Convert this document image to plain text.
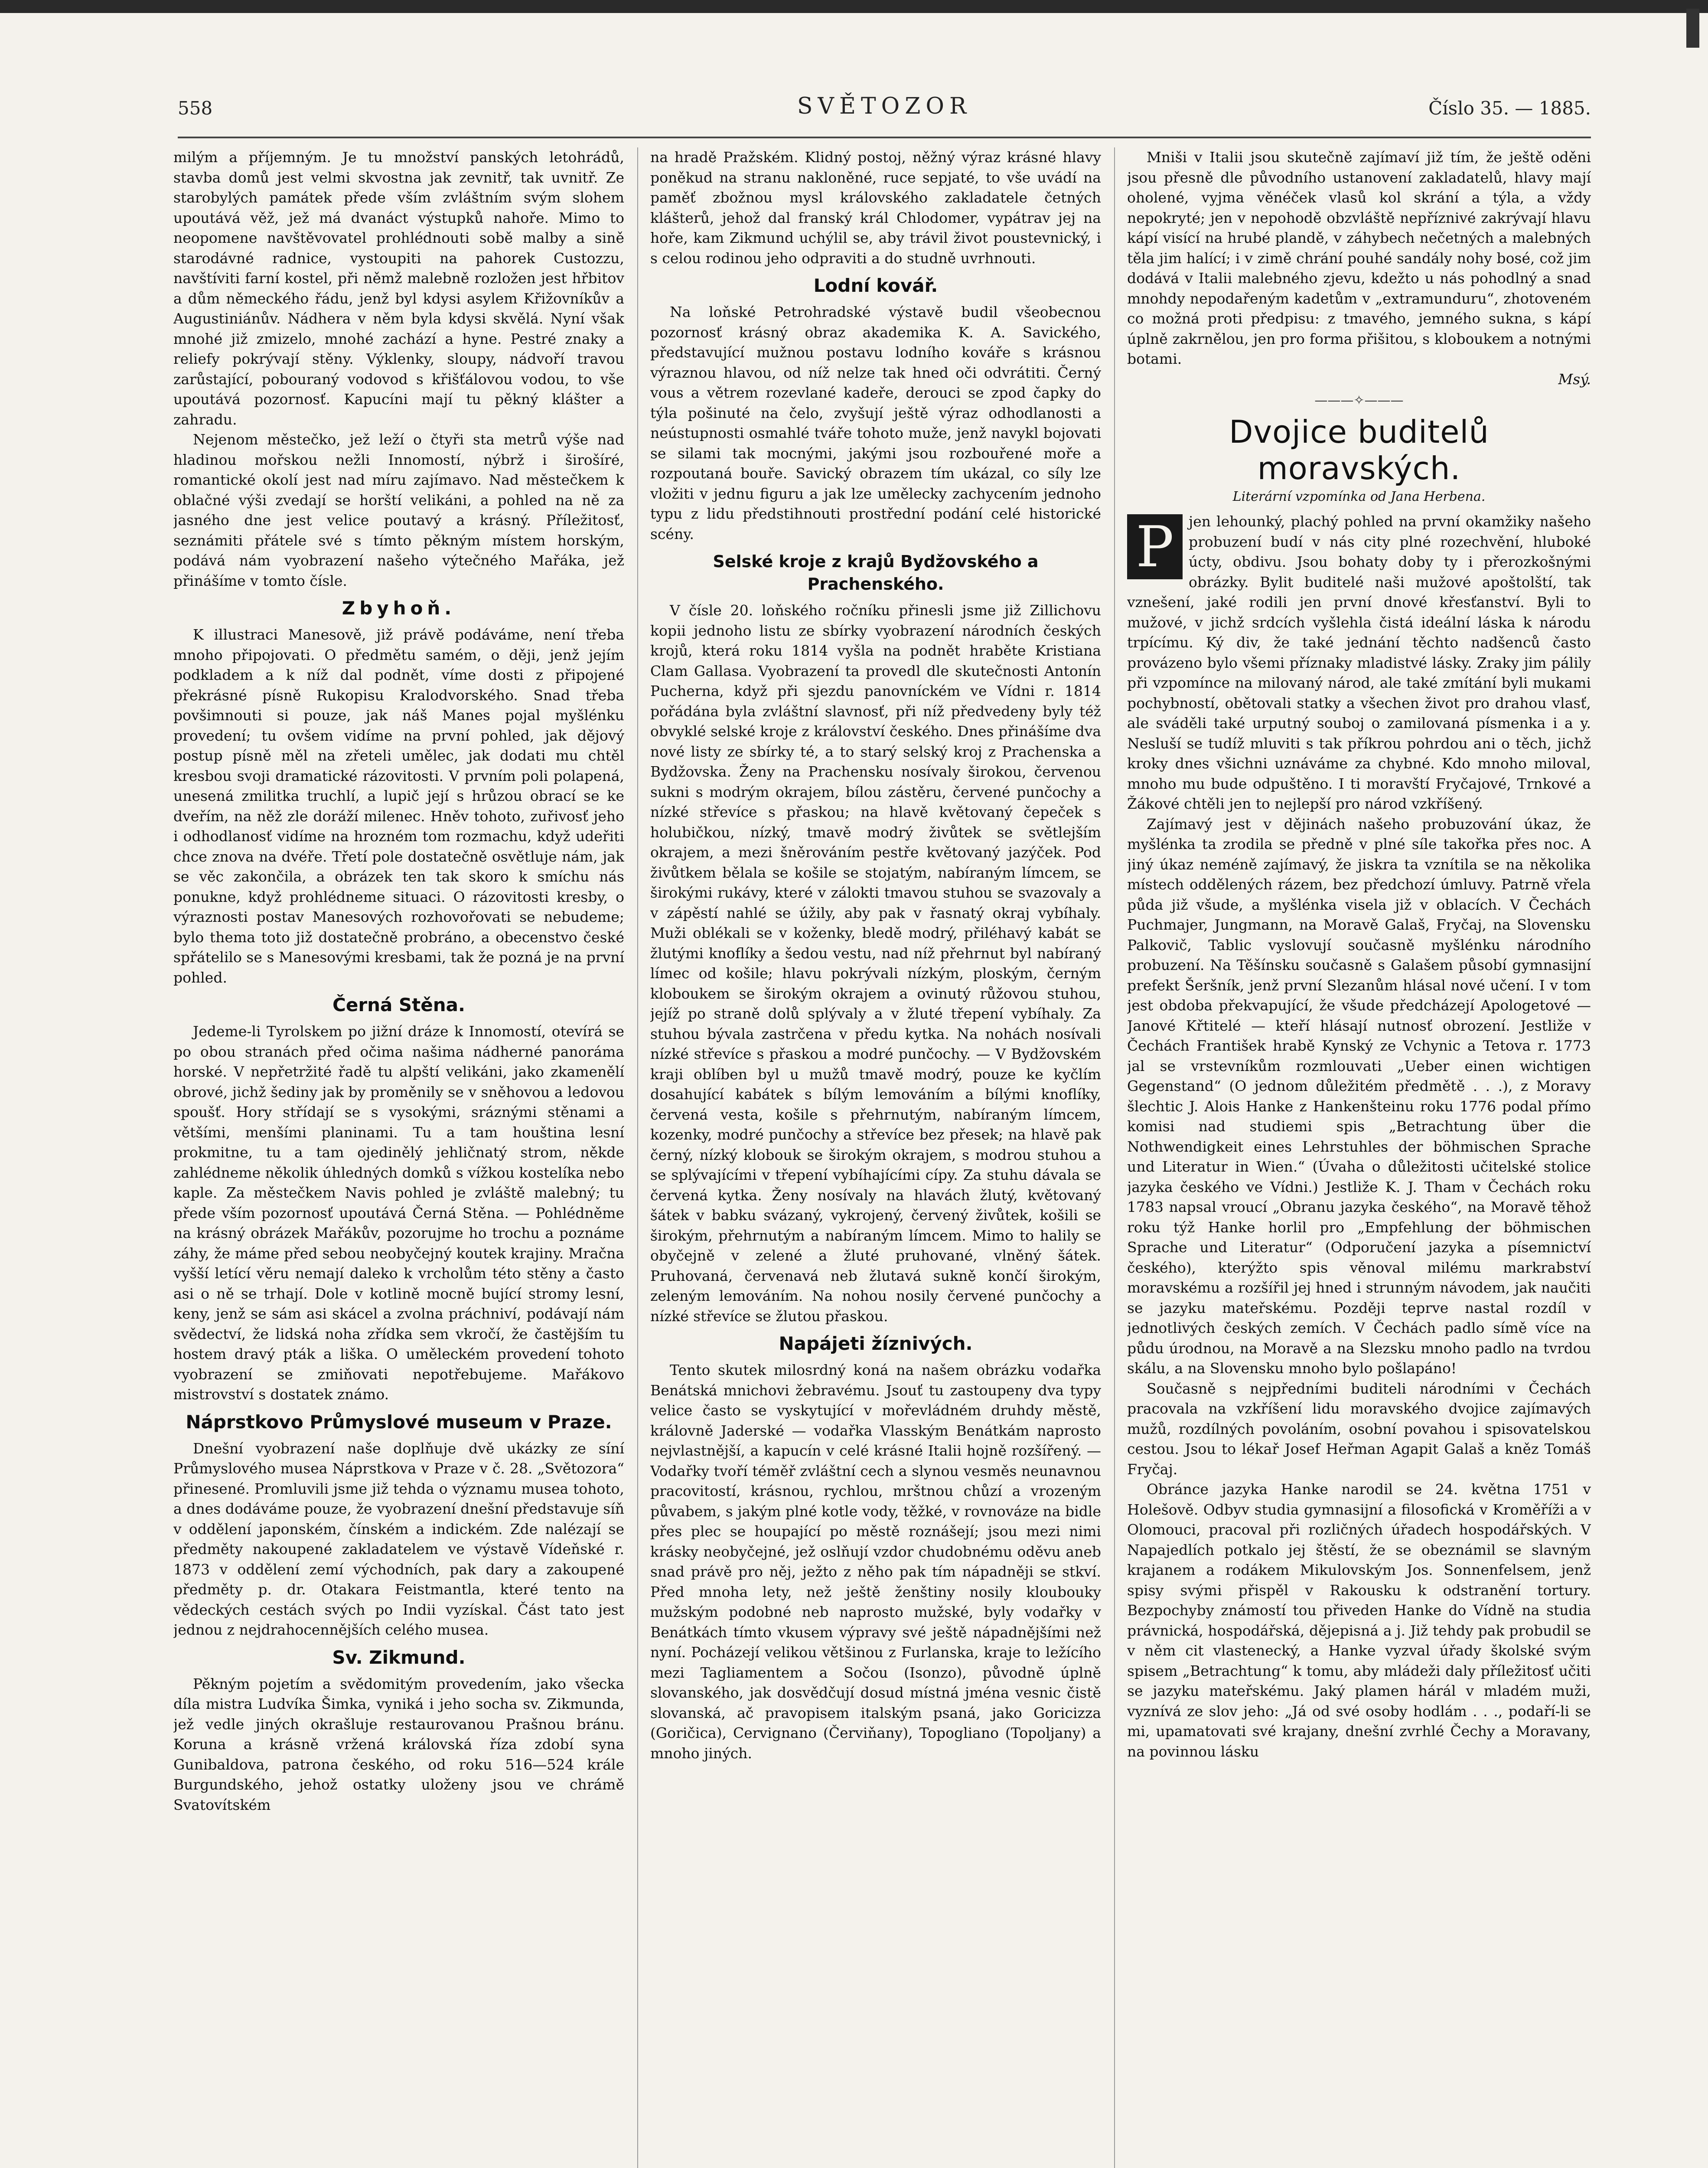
558	SVĚTOZOR	Číslo 35. — 1885.

milým a příjemným. Je tu množství panských letohrádů, stavba domů jest velmi skvostna jak zevnitř, tak uvnitř. Ze starobylých památek přede vším zvláštním svým slohem upoutává věž, jež má dvanáct výstupků nahoře. Mimo to neopomene navštěvovatel prohlédnouti sobě malby a sině starodávné radnice, vystoupiti na pahorek Custozzu, navštíviti farní kostel, při němž malebně rozložen jest hřbitov a dům německého řádu, jenž byl kdysi asylem Křižovníkův a Augustiniánův. Nádhera v něm byla kdysi skvělá. Nyní však mnohé již zmizelo, mnohé zachází a hyne. Pestré znaky a reliefy pokrývají stěny. Výklenky, sloupy, nádvoří travou zarůstající, pobouraný vodovod s křišťálovou vodou, to vše upoutává pozornosť. Kapucíni mají tu pěkný klášter a zahradu.

Nejenom městečko, jež leží o čtyři sta metrů výše nad hladinou mořskou nežli Innomostí, nýbrž i širošíré, romantické okolí jest nad míru zajímavo. Nad městečkem k oblačné výši zvedají se horští velikáni, a pohled na ně za jasného dne jest velice poutavý a krásný. Příležitosť, seznámiti přátele své s tímto pěkným místem horským, podává nám vyobrazení našeho výtečného Mařáka, jež přinášíme v tomto čísle.

Zbyhoň.

K illustraci Manesově, již právě podáváme, není třeba mnoho připojovati. O předmětu samém, o ději, jenž jejím podkladem a k níž dal podnět, víme dosti z připojené překrásné písně Rukopisu Kralodvorského. Snad třeba povšimnouti si pouze, jak náš Manes pojal myšlénku provedení; tu ovšem vidíme na první pohled, jak dějový postup písně měl na zřeteli umělec, jak dodati mu chtěl kresbou svoji dramatické rázovitosti. V prvním poli polapená, unesená zmilitka truchlí, a lupič její s hrůzou obrací se ke dveřím, na něž zle doráží milenec. Hněv tohoto, zuřivosť jeho i odhodlanosť vidíme na hrozném tom rozmachu, když udeřiti chce znova na dvéře. Třetí pole dostatečně osvětluje nám, jak se věc zakončila, a obrázek ten tak skoro k smíchu nás ponukne, když prohlédneme situaci. O rázovitosti kresby, o výraznosti postav Manesových rozhovořovati se nebudeme; bylo thema toto již dostatečně probráno, a obecenstvo české spřátelilo se s Manesovými kresbami, tak že pozná je na první pohled.

Černá Stěna.

Jedeme-li Tyrolskem po jižní dráze k Innomostí, otevírá se po obou stranách před očima našima nádherné panoráma horské. V nepřetržité řadě tu alpští velikáni, jako zkamenělí obrové, jichž šediny jak by proměnily se v sněhovou a ledovou spoušť. Hory střídají se s vysokými, sráznými stěnami a většími, menšími planinami. Tu a tam houština lesní prokmitne, tu a tam ojedinělý jehličnatý strom, někde zahlédneme několik úhledných domků s vížkou kostelíka nebo kaple. Za městečkem Navis pohled je zvláště malebný; tu přede vším pozornosť upoutává Černá Stěna. — Pohlédněme na krásný obrázek Mařákův, pozorujme ho trochu a poznáme záhy, že máme před sebou neobyčejný koutek krajiny. Mračna vyšší letící věru nemají daleko k vrcholům této stěny a často asi o ně se trhají. Dole v kotlině mocně bující stromy lesní, keny, jenž se sám asi skácel a zvolna práchniví, podávají nám svědectví, že lidská noha zřídka sem vkročí, že častějším tu hostem dravý pták a liška. O uměleckém provedení tohoto vyobrazení se zmiňovati nepotřebujeme. Mařákovo mistrovství s dostatek známo.

Náprstkovo Průmyslové museum v Praze.

Dnešní vyobrazení naše doplňuje dvě ukázky ze síní Průmyslového musea Náprstkova v Praze v č. 28. „Světozora“ přinesené. Promluvili jsme již tehda o významu musea tohoto, a dnes dodáváme pouze, že vyobrazení dnešní představuje síň v oddělení japonském, čínském a indickém. Zde nalézají se předměty nakoupené zakladatelem ve výstavě Vídeňské r. 1873 v oddělení zemí východních, pak dary a zakoupené předměty p. dr. Otakara Feistmantla, které tento na vědeckých cestách svých po Indii vyzískal. Část tato jest jednou z nejdrahocennějších celého musea.

Sv. Zikmund.

Pěkným pojetím a svědomitým provedením, jako všecka díla mistra Ludvíka Šimka, vyniká i jeho socha sv. Zikmunda, jež vedle jiných okrašluje restaurovanou Prašnou bránu. Koruna a krásně vržená královská říza zdobí syna Gunibaldova, patrona českého, od roku 516—524 krále Burgundského, jehož ostatky uloženy jsou ve chrámě Svatovítském

na hradě Pražském. Klidný postoj, něžný výraz krásné hlavy poněkud na stranu nakloněné, ruce sepjaté, to vše uvádí na paměť zbožnou mysl královského zakladatele četných klášterů, jehož dal franský král Chlodomer, vypátrav jej na hoře, kam Zikmund uchýlil se, aby trávil život poustevnický, i s celou rodinou jeho odpraviti a do studně uvrhnouti.

Lodní kovář.

Na loňské Petrohradské výstavě budil všeobecnou pozornosť krásný obraz akademika K. A. Savického, představující mužnou postavu lodního kováře s krásnou výraznou hlavou, od níž nelze tak hned oči odvrátiti. Černý vous a větrem rozevlané kadeře, derouci se zpod čapky do týla pošinuté na čelo, zvyšují ještě výraz odhodlanosti a neústupnosti osmahlé tváře tohoto muže, jenž navykl bojovati se silami tak mocnými, jakými jsou rozbouřené moře a rozpoutaná bouře. Savický obrazem tím ukázal, co síly lze vložiti v jednu figuru a jak lze umělecky zachycením jednoho typu z lidu předstihnouti prostřední podání celé historické scény.

Selské kroje z krajů Bydžovského a Prachenského.

V čísle 20. loňského ročníku přinesli jsme již Zillichovu kopii jednoho listu ze sbírky vyobrazení národních českých krojů, která roku 1814 vyšla na podnět hraběte Kristiana Clam Gallasa. Vyobrazení ta provedl dle skutečnosti Antonín Pucherna, když při sjezdu panovníckém ve Vídni r. 1814 pořádána byla zvláštní slavnosť, při níž předvedeny byly též obvyklé selské kroje z království českého. Dnes přinášíme dva nové listy ze sbírky té, a to starý selský kroj z Prachenska a Bydžovska. Ženy na Prachensku nosívaly širokou, červenou sukni s modrým okrajem, bílou zástěru, červené punčochy a nízké střevíce s přaskou; na hlavě květovaný čepeček s holubičkou, nízký, tmavě modrý živůtek se světlejším okrajem, a mezi šněrováním pestře květovaný jazýček. Pod živůtkem bělala se košile se stojatým, nabíraným límcem, se širokými rukávy, které v zálokti tmavou stuhou se svazovaly a v zápěstí nahlé se úžily, aby pak v řasnatý okraj vybíhaly. Muži oblékali se v koženky, bledě modrý, přiléhavý kabát se žlutými knoflíky a šedou vestu, nad níž přehrnut byl nabíraný límec od košile; hlavu pokrývali nízkým, ploským, černým kloboukem se širokým okrajem a ovinutý růžovou stuhou, jejíž po straně dolů splývaly a v žluté třepení vybíhaly. Za stuhou bývala zastrčena v předu kytka. Na nohách nosívali nízké střevíce s přaskou a modré punčochy. — V Bydžovském kraji oblíben byl u mužů tmavě modrý, pouze ke kyčlím dosahující kabátek s bílým lemováním a bílými knoflíky, červená vesta, košile s přehrnutým, nabíraným límcem, kozenky, modré punčochy a střevíce bez přesek; na hlavě pak černý, nízký klobouk se širokým okrajem, s modrou stuhou a se splývajícími v třepení vybíhajícími cípy. Za stuhu dávala se červená kytka. Ženy nosívaly na hlavách žlutý, květovaný šátek v babku svázaný, vykrojený, červený živůtek, košili se širokým, přehrnutým a nabíraným límcem. Mimo to halily se obyčejně v zelené a žluté pruhované, vlněný šátek. Pruhovaná, červenavá neb žlutavá sukně končí širokým, zeleným lemováním. Na nohou nosily červené punčochy a nízké střevíce se žlutou přaskou.

Napájeti žíznivých.

Tento skutek milosrdný koná na našem obrázku vodařka Benátská mnichovi žebravému. Jsouť tu zastoupeny dva typy velice často se vyskytující v mořevládném druhdy městě, královně Jaderské — vodařka Vlasským Benátkám naprosto nejvlastnější, a kapucín v celé krásné Italii hojně rozšířený. — Vodařky tvoří téměř zvláštní cech a slynou vesměs neunavnou pracovitostí, krásnou, rychlou, mrštnou chůzí a vrozeným půvabem, s jakým plné kotle vody, těžké, v rovnováze na bidle přes plec se houpající po městě roznášejí; jsou mezi nimi krásky neobyčejné, jež oslňují vzdor chudobnému oděvu aneb snad právě pro něj, ježto z něho pak tím nápadněji se stkví. Před mnoha lety, než ještě ženštiny nosily kloubouky mužským podobné neb naprosto mužské, byly vodařky v Benátkách tímto vkusem výpravy své ještě nápadnějšími než nyní. Pocházejí velikou většinou z Furlanska, kraje to ležícího mezi Tagliamentem a Sočou (Isonzo), původně úplně slovanského, jak dosvědčují dosud místná jména vesnic čistě slovanská, ač pravopisem italským psaná, jako Goricizza (Goričica), Cervignano (Červiňany), Topogliano (Topoljany) a mnoho jiných.

Mniši v Italii jsou skutečně zajímaví již tím, že ještě oděni jsou přesně dle původního ustanovení zakladatelů, hlavy mají oholené, vyjma věnéček vlasů kol skrání a týla, a vždy nepokryté; jen v nepohodě obzvláště nepříznivé zakrývají hlavu kápí visící na hrubé plandě, v záhybech nečetných a malebných těla jim halící; i v zimě chrání pouhé sandály nohy bosé, což jim dodává v Italii malebného zjevu, kdežto u nás pohodlný a snad mnohdy nepodařeným kadetům v „extramunduru“, zhotoveném co možná proti předpisu: z tmavého, jemného sukna, s kápí úplně zakrnělou, jen pro forma přišitou, s kloboukem a notnými botami.

Msý.

———✧———
Dvojice buditelů moravských.
Literární vzpomínka od Jana Herbena.
P	jen lehounký, plachý pohled na první okamžiky našeho probuzení budí v nás city plné rozechvění, hluboké úcty, obdivu. Jsou bohaty doby ty i přerozkošnými obrázky. Bylit buditelé naši mužové apoštolští, tak vznešení, jaké rodili jen první dnové křesťanství. Byli to mužové, v jichž srdcích vyšlehla čistá ideální láska k národu trpícímu. Ký div, že také jednání těchto nadšenců často provázeno bylo všemi příznaky mladistvé lásky. Zraky jim pálily při vzpomínce na milovaný národ, ale také zmítání byli mukami pochybností, obětovali statky a všechen život pro drahou vlasť, ale sváděli také urputný souboj o zamilovaná písmenka i a y. Nesluší se tudíž mluviti s tak příkrou pohrdou ani o těch, jichž kroky dnes všichni uznáváme za chybné. Kdo mnoho miloval, mnoho mu bude odpuštěno. I ti moravští Fryčajové, Trnkové a Žákové chtěli jen to nejlepší pro národ vzkříšený.

Zajímavý jest v dějinách našeho probuzování úkaz, že myšlénka ta zrodila se předně v plné síle takořka přes noc. A jiný úkaz neméně zajímavý, že jiskra ta vznítila se na několika místech oddělených rázem, bez předchozí úmluvy. Patrně vřela půda již všude, a myšlénka visela již v oblacích. V Čechách Puchmajer, Jungmann, na Moravě Galaš, Fryčaj, na Slovensku Palkovič, Tablic vyslovují současně myšlénku národního probuzení. Na Těšínsku současně s Galašem působí gymnasijní prefekt Šeršník, jenž první Slezanům hlásal nové učení. I v tom jest obdoba překvapující, že všude předcházejí Apologetové — Janové Křtitelé — kteří hlásají nutnosť obrození. Jestliže v Čechách František hrabě Kynský ze Vchynic a Tetova r. 1773 jal se vrstevníkům rozmlouvati „Ueber einen wichtigen Gegenstand“ (O jednom důležitém předmětě . . .), z Moravy šlechtic J. Alois Hanke z Hankenšteinu roku 1776 podal přímo komisi nad studiemi spis „Betrachtung über die Nothwendigkeit eines Lehrstuhles der böhmischen Sprache und Literatur in Wien.“ (Úvaha o důležitosti učitelské stolice jazyka českého ve Vídni.) Jestliže K. J. Tham v Čechách roku 1783 napsal vroucí „Obranu jazyka českého“, na Moravě těhož roku týž Hanke horlil pro „Empfehlung der böhmischen Sprache und Literatur“ (Odporučení jazyka a písemnictví českého), kterýžto spis věnoval milému markrabství moravskému a rozšířil jej hned i strunným návodem, jak naučiti se jazyku mateřskému. Později teprve nastal rozdíl v jednotlivých českých zemích. V Čechách padlo símě více na půdu úrodnou, na Moravě a na Slezsku mnoho padlo na tvrdou skálu, a na Slovensku mnoho bylo pošlapáno!

Současně s nejpředními buditeli národními v Čechách pracovala na vzkříšení lidu moravského dvojice zajímavých mužů, rozdílných povoláním, osobní povahou i spisovatelskou cestou. Jsou to lékař Josef Heřman Agapit Galaš a kněz Tomáš Fryčaj.

Obránce jazyka Hanke narodil se 24. května 1751 v Holešově. Odbyv studia gymnasijní a filosofická v Kroměříži a v Olomouci, pracoval při rozličných úřadech hospodářských. V Napajedlích potkalo jej štěstí, že se obeznámil se slavným krajanem a rodákem Mikulovským Jos. Sonnenfelsem, jenž spisy svými přispěl v Rakousku k odstranění tortury. Bezpochyby známostí tou přiveden Hanke do Vídně na studia právnická, hospodářská, dějepisná a j. Již tehdy pak probudil se v něm cit vlastenecký, a Hanke vyzval úřady školské svým spisem „Betrachtung“ k tomu, aby mládeži daly příležitosť učiti se jazyku mateřskému. Jaký plamen hárál v mladém muži, vyznívá ze slov jeho: „Já od své osoby hodlám . . ., podaří-li se mi, upamatovati své krajany, dnešní zvrhlé Čechy a Moravany, na povinnou lásku
